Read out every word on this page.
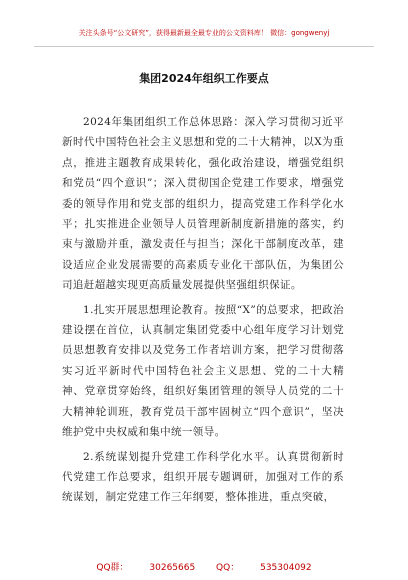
关注头条号“公文研究”，获得最新最全最专业的公文资料库！ 微信：gongwenyj
集团2024年组织工作要点

2024年集团组织工作总体思路：深入学习贯彻习近平新时代中国特色社会主义思想和党的二十大精神，以X为重点，推进主题教育成果转化，强化政治建设，增强党组织和党员“四个意识”；深入贯彻国企党建工作要求，增强党委的领导作用和党支部的组织力，提高党建工作科学化水平；扎实推进企业领导人员管理新制度新措施的落实，约束与激励并重，激发责任与担当；深化干部制度改革，建设适应企业发展需要的高素质专业化干部队伍，为集团公司追赶超越实现更高质量发展提供坚强组织保证。

1.扎实开展思想理论教育。按照“X”的总要求，把政治建设摆在首位，认真制定集团党委中心组年度学习计划党员思想教育安排以及党务工作者培训方案，把学习贯彻落实习近平新时代中国特色社会主义思想、党的二十大精神、党章贯穿始终，组织好集团管理的领导人员党的二十大精神轮训班，教育党员干部牢固树立“四个意识”，坚决维护党中央权威和集中统一领导。

2.系统谋划提升党建工作科学化水平。认真贯彻新时代党建工作总要求，组织开展专题调研，加强对工作的系统谋划，制定党建工作三年纲要，整体推进，重点突破，

QQ群： 30265665 QQ： 535304092
